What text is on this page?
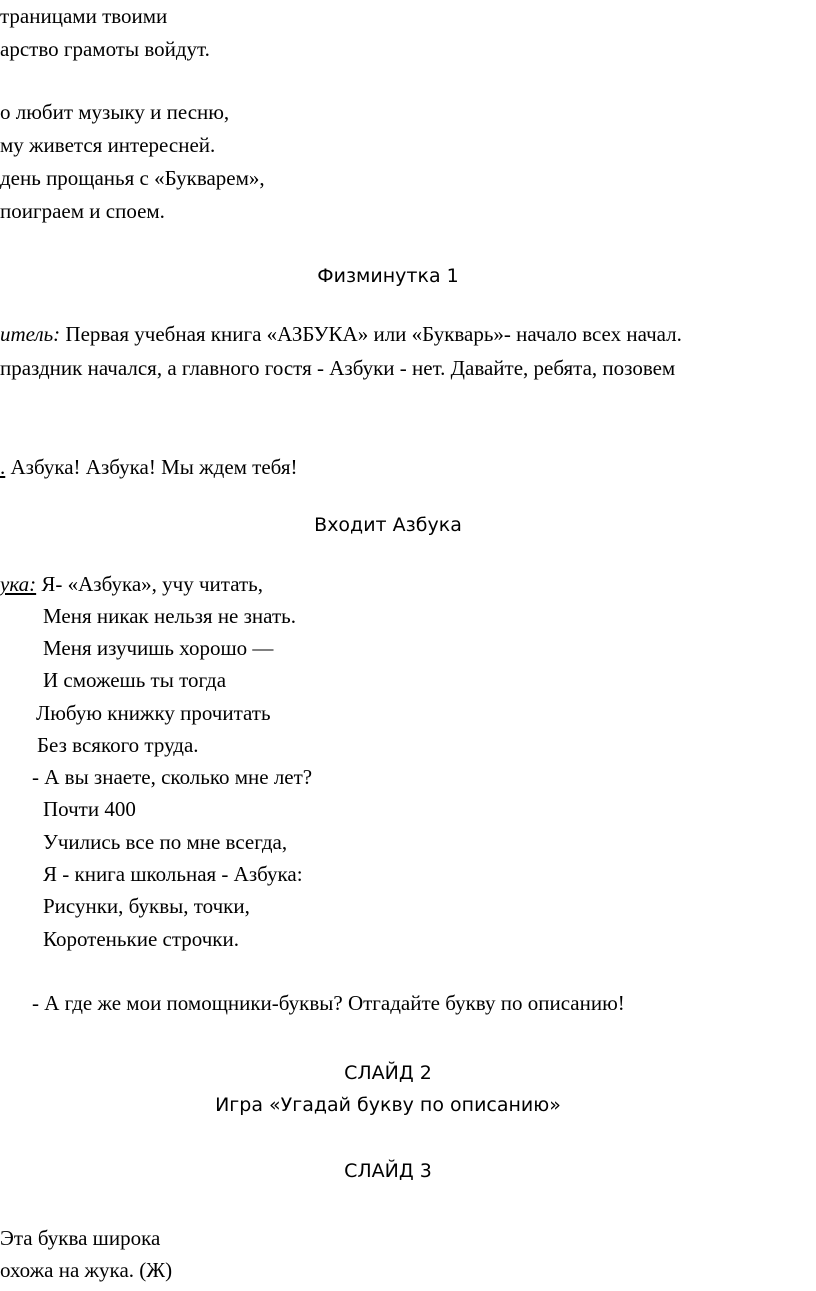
траницами твоими
арство грамоты войдут.
о любит музыку и песню,
му живется интересней.
день прощанья с «Букварем»,
поиграем и споем.
Физминутка 1
итель: Первая учебная книга «АЗБУКА» или «Букварь»- начало всех начал.
праздник начался, а главного гостя - Азбуки - нет. Давайте, ребята, позовем
. Азбука! Азбука! Мы ждем тебя!
Входит Азбука
ука: Я- «Азбука», учу читать,
Меня никак нельзя не знать.
Меня изучишь хорошо —
И сможешь ты тогда
Любую книжку прочитать
Без всякого труда.
- А вы знаете, сколько мне лет?
Почти 400
Учились все по мне всегда,
Я - книга школьная - Азбука:
Рисунки, буквы, точки,
Коротенькие строчки.
- А где же мои помощники-буквы? Отгадайте букву по описанию!
СЛАЙД 2
Игра «Угадай букву по описанию»
СЛАЙД 3
Эта буква широка
охожа на жука. (Ж)
